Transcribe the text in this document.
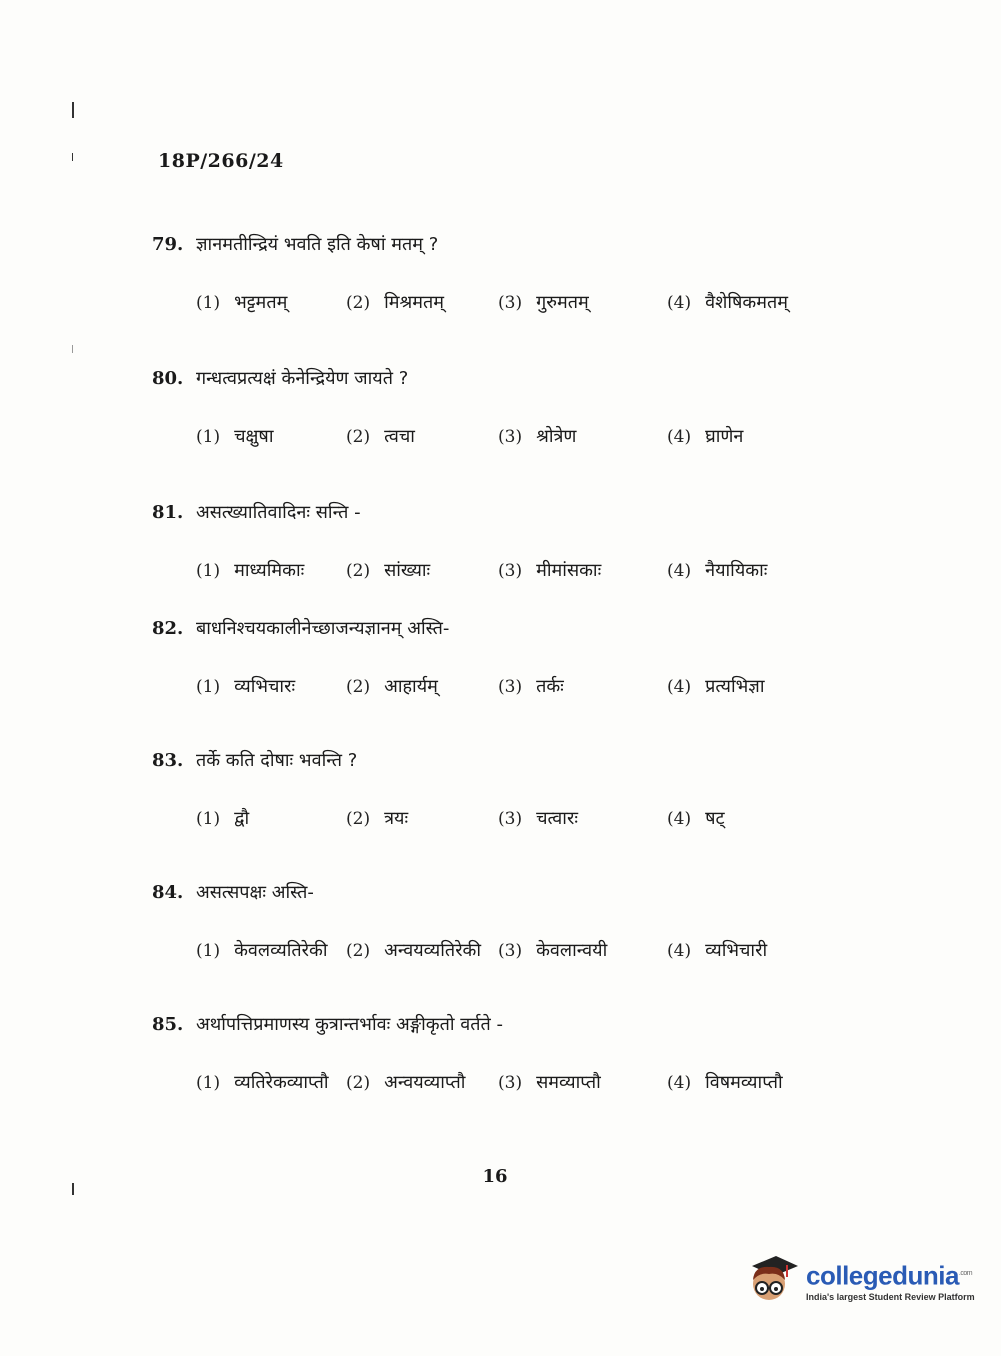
18P/266/24
79. ज्ञानमतीन्द्रियं भवति इति केषां मतम् ?
(1) भट्टमतम्	(2) मिश्रमतम्	(3) गुरुमतम्	(4) वैशेषिकमतम्
80. गन्धत्वप्रत्यक्षं केनेन्द्रियेण जायते ?
(1) चक्षुषा	(2) त्वचा	(3) श्रोत्रेण	(4) घ्राणेन
81. असत्ख्यातिवादिनः सन्ति -
(1) माध्यमिकाः (2) सांख्याः	(3) मीमांसकाः	(4) नैयायिकाः
82. बाधनिश्चयकालीनेच्छाजन्यज्ञानम् अस्ति-
(1) व्यभिचारः	(2) आहार्यम्	(3) तर्कः	(4) प्रत्यभिज्ञा
83. तर्के कति दोषाः भवन्ति ?
(1) द्वौ	(2) त्रयः	(3) चत्वारः	(4) षट्
84. असत्सपक्षः अस्ति-
(1) केवलव्यतिरेकी (2) अन्वयव्यतिरेकी (3) केवलान्वयी	(4) व्यभिचारी
85. अर्थापत्तिप्रमाणस्य कुत्रान्तर्भावः अङ्गीकृतो वर्तते -
(1) व्यतिरेकव्याप्तौ (2) अन्वयव्याप्तौ (3) समव्याप्तौ	(4) विषमव्याप्तौ
16
collegedunia$^{.com}$
India's largest Student Review Platform
